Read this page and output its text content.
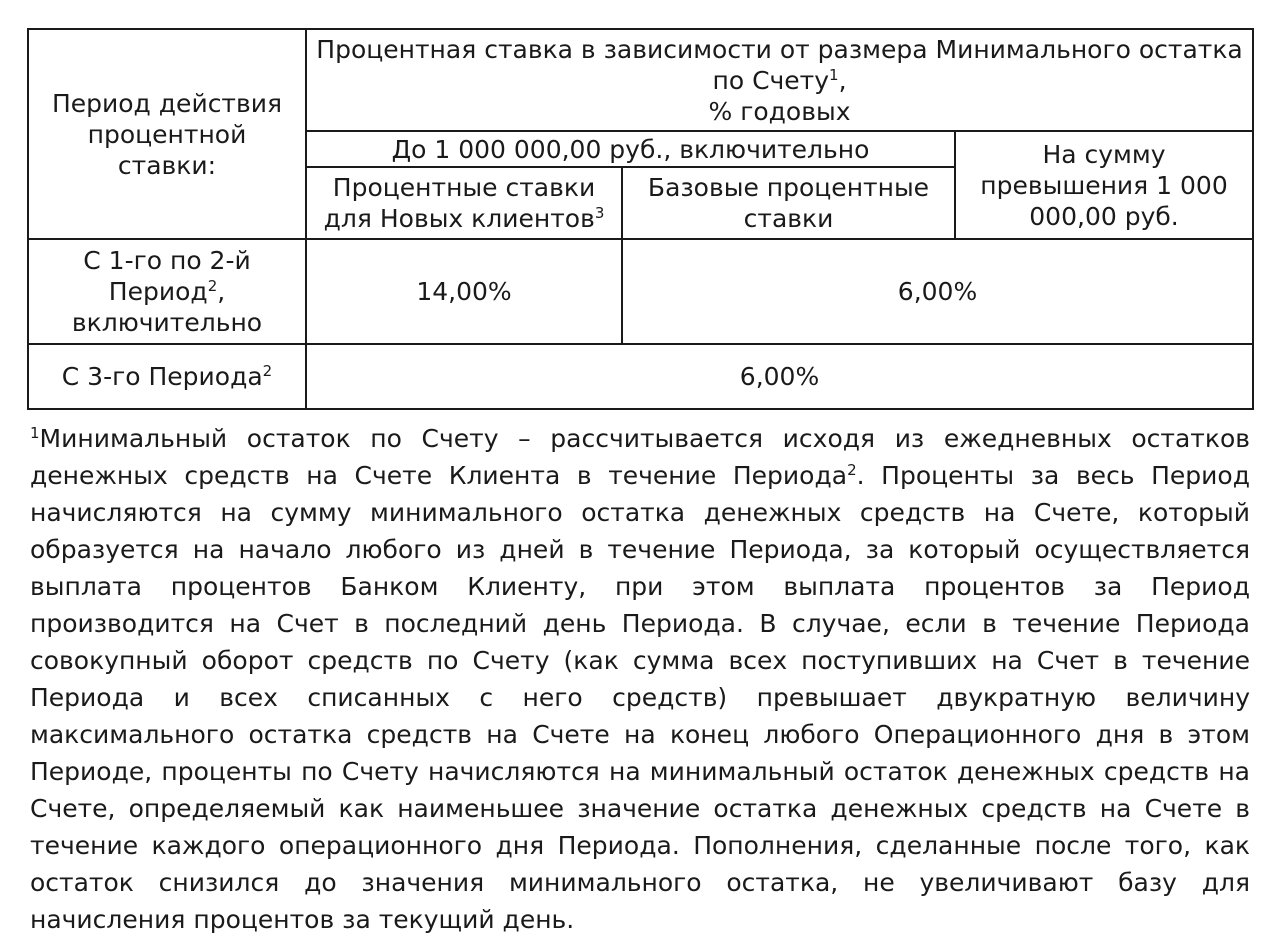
Период действия процентной ставки:	Процентная ставка в зависимости от размера Минимального остатка по Счету$^1$,
% годовых		
	До 1 000 000,00 руб., включительно		На сумму превышения 1 000 000,00 руб.
	Процентные ставки для Новых клиентов$^3$	Базовые процентные ставки	
С 1-го по 2-й Период$^2$,
включительно	14,00%	6,00%	
С 3-го Периода$^2$	6,00%		
$^1$Минимальный остаток по Счету – рассчитывается исходя из ежедневных остатков денежных средств на Счете Клиента в течение Периода$^2$. Проценты за весь Период начисляются на сумму минимального остатка денежных средств на Счете, который образуется на начало любого из дней в течение Периода, за который осуществляется выплата процентов Банком Клиенту, при этом выплата процентов за Период производится на Счет в последний день Периода. В случае, если в течение Периода совокупный оборот средств по Счету (как сумма всех поступивших на Счет в течение Периода и всех списанных с него средств) превышает двукратную величину максимального остатка средств на Счете на конец любого Операционного дня в этом Периоде, проценты по Счету начисляются на минимальный остаток денежных средств на Счете, определяемый как наименьшее значение остатка денежных средств на Счете в течение каждого операционного дня Периода. Пополнения, сделанные после того, как остаток снизился до значения минимального остатка, не увеличивают базу для начисления процентов за текущий день.
